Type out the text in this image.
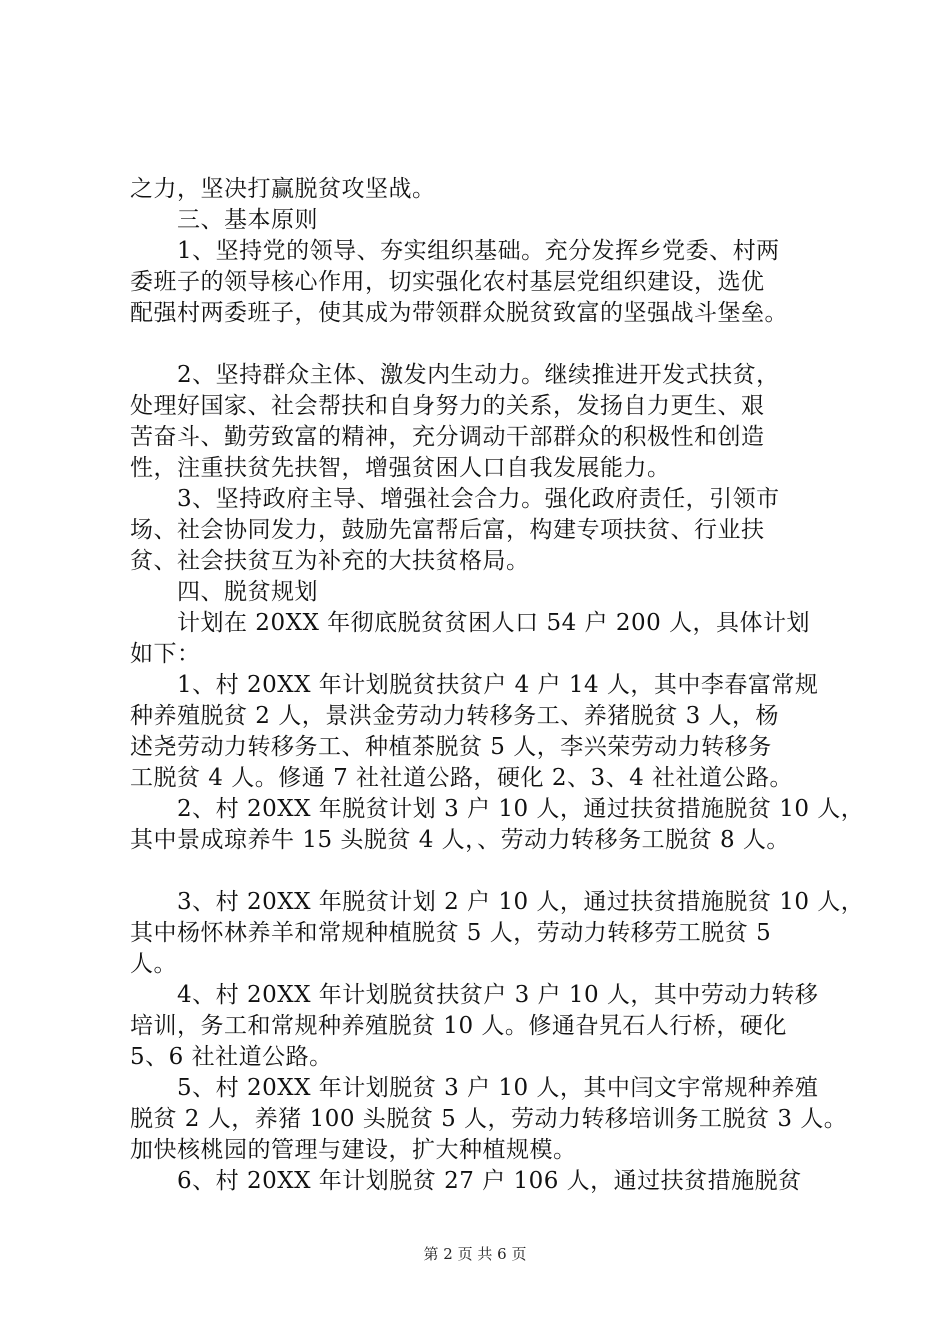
之力，坚决打赢脱贫攻坚战。
　　三、基本原则
　　1、坚持党的领导、夯实组织基础。充分发挥乡党委、村两
委班子的领导核心作用，切实强化农村基层党组织建设，选优
配强村两委班子，使其成为带领群众脱贫致富的坚强战斗堡垒。
　　2、坚持群众主体、激发内生动力。继续推进开发式扶贫，
处理好国家、社会帮扶和自身努力的关系，发扬自力更生、艰
苦奋斗、勤劳致富的精神，充分调动干部群众的积极性和创造
性，注重扶贫先扶智，增强贫困人口自我发展能力。
　　3、坚持政府主导、增强社会合力。强化政府责任，引领市
场、社会协同发力，鼓励先富帮后富，构建专项扶贫、行业扶
贫、社会扶贫互为补充的大扶贫格局。
　　四、脱贫规划
　　计划在 20XX 年彻底脱贫贫困人口 54 户 200 人，具体计划
如下：
　　1、村 20XX 年计划脱贫扶贫户 4 户 14 人，其中李春富常规
种养殖脱贫 2 人，景洪金劳动力转移务工、养猪脱贫 3 人，杨
述尧劳动力转移务工、种植茶脱贫 5 人，李兴荣劳动力转移务
工脱贫 4 人。修通 7 社社道公路，硬化 2、3、4 社社道公路。
　　2、村 20XX 年脱贫计划 3 户 10 人，通过扶贫措施脱贫 10 人，
其中景成琼养牛 15 头脱贫 4 人，、劳动力转移务工脱贫 8 人。
　　3、村 20XX 年脱贫计划 2 户 10 人，通过扶贫措施脱贫 10 人，
其中杨怀林养羊和常规种植脱贫 5 人，劳动力转移劳工脱贫 5
人。
　　4、村 20XX 年计划脱贫扶贫户 3 户 10 人，其中劳动力转移
培训，务工和常规种养殖脱贫 10 人。修通旮旯石人行桥，硬化
5、6 社社道公路。
　　5、村 20XX 年计划脱贫 3 户 10 人，其中闫文宇常规种养殖
脱贫 2 人，养猪 100 头脱贫 5 人，劳动力转移培训务工脱贫 3 人。
加快核桃园的管理与建设，扩大种植规模。
　　6、村 20XX 年计划脱贫 27 户 106 人，通过扶贫措施脱贫
第 2 页 共 6 页
